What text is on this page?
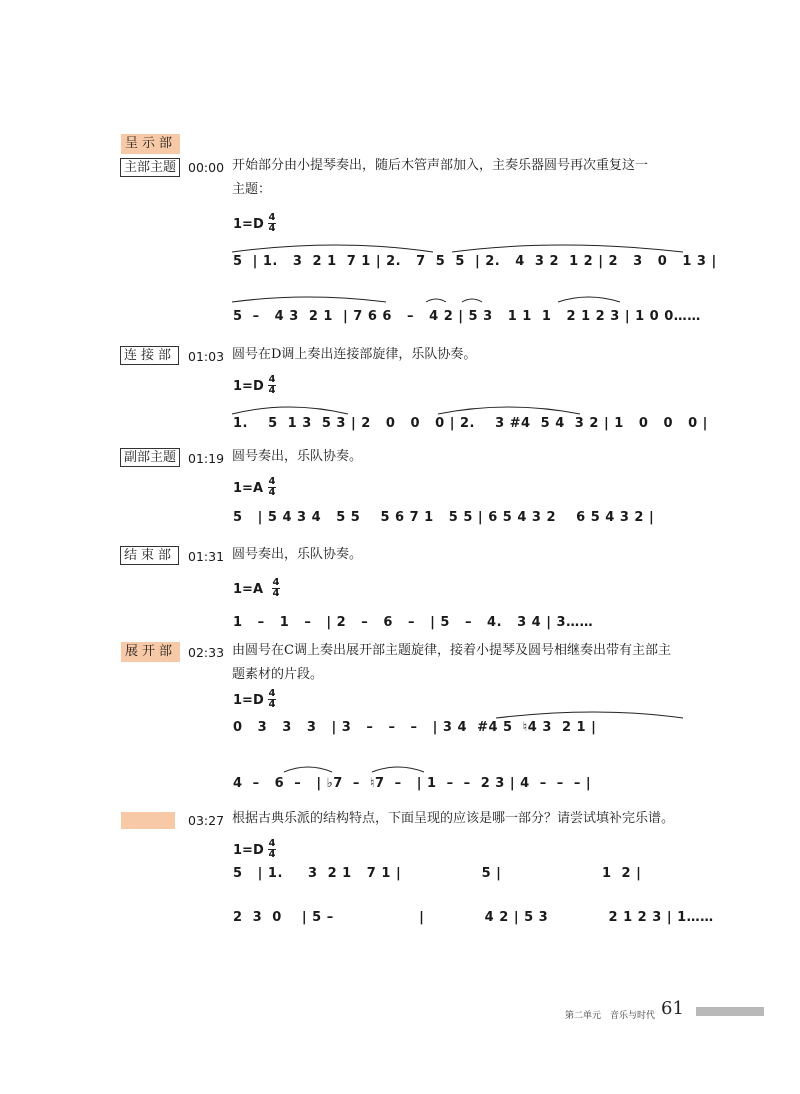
呈示部
主部主题 00:00 开始部分由小提琴奏出，随后木管声部加入，主奏乐器圆号再次重复这一
主题：
1=D 4
4
5  | 1.   3  2 1  7 1 | 2.   7  5  5  | 2.   4  3 2  1 2 | 2   3   0   1 3 |
5  –   4 3  2 1  | 7 6 6   –   4 2 | 5 3   1 1  1   2 1 2 3 | 1 0 0……
连接部	01:03 圆号在D调上奏出连接部旋律，乐队协奏。
1=D 4
4
1.    5  1 3  5 3 | 2   0   0   0 | 2.    3 #4  5 4  3 2 | 1   0   0   0 |
副部主题 01:19 圆号奏出，乐队协奏。
1=A 4
4
5   | 5 4 3 4   5 5    5 6 7 1   5 5 | 6 5 4 3 2    6 5 4 3 2 |
结束部	01:31 圆号奏出，乐队协奏。
1=A 4
4
1   –   1   –   | 2   –   6   –   | 5   –   4.   3 4 | 3……
展开部 02:33 由圆号在C调上奏出展开部主题旋律，接着小提琴及圆号相继奏出带有主部主
题素材的片段。
1=D 4
4
0   3   3   3   | 3   –   –   –   | 3 4  #4 5  ♮4 3  2 1 |
4  –   6  –   | ♭7  –  ♮7  –   | 1  –  –  2 3 | 4  –  –  – |
03:27 根据古典乐派的结构特点，下面呈现的应该是哪一部分？请尝试填补完乐谱。
1=D 4
4
5   | 1.     3  2 1   7 1 |                5 |                    1  2 |
2  3  0    | 5 –                 |            4 2 | 5 3            2 1 2 3 | 1……
第二单元　音乐与时代 61
